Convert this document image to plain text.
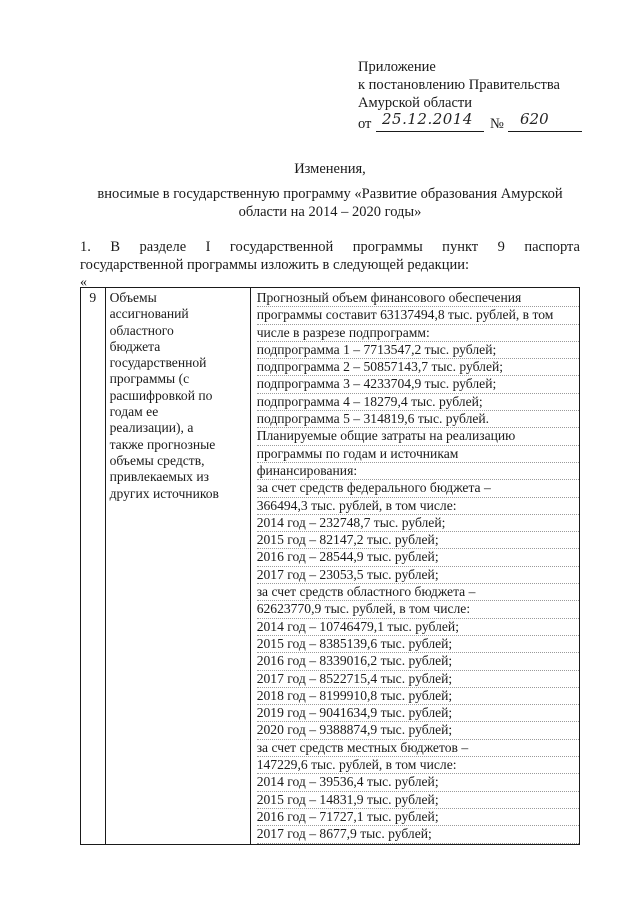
Приложение
к постановлению Правительства
Амурской области
от 25.12.2014 № 620
Изменения,
вносимые в государственную программу «Развитие образования Амурской
области на 2014 – 2020 годы»
1. В разделе I государственной программы пункт 9 паспорта
государственной программы изложить в следующей редакции:
«
9	Объемы
ассигнований
областного
бюджета
государственной
программы (с
расшифровкой по
годам ее
реализации), а
также прогнозные
объемы средств,
привлекаемых из
других источников

Прогнозный объем финансового обеспечения
программы составит 63137494,8 тыс. рублей, в том
числе в разрезе подпрограмм:
подпрограмма 1 – 7713547,2 тыс. рублей;
подпрограмма 2 – 50857143,7 тыс. рублей;
подпрограмма 3 – 4233704,9 тыс. рублей;
подпрограмма 4 – 18279,4 тыс. рублей;
подпрограмма 5 – 314819,6 тыс. рублей.
Планируемые общие затраты на реализацию
программы по годам и источникам
финансирования:
за счет средств федерального бюджета –
366494,3 тыс. рублей, в том числе:
2014 год – 232748,7 тыс. рублей;
2015 год – 82147,2 тыс. рублей;
2016 год – 28544,9 тыс. рублей;
2017 год – 23053,5 тыс. рублей;
за счет средств областного бюджета –
62623770,9 тыс. рублей, в том числе:
2014 год – 10746479,1 тыс. рублей;
2015 год – 8385139,6 тыс. рублей;
2016 год – 8339016,2 тыс. рублей;
2017 год – 8522715,4 тыс. рублей;
2018 год – 8199910,8 тыс. рублей;
2019 год – 9041634,9 тыс. рублей;
2020 год – 9388874,9 тыс. рублей;
за счет средств местных бюджетов –
147229,6 тыс. рублей, в том числе:
2014 год – 39536,4 тыс. рублей;
2015 год – 14831,9 тыс. рублей;
2016 год – 71727,1 тыс. рублей;
2017 год – 8677,9 тыс. рублей;
